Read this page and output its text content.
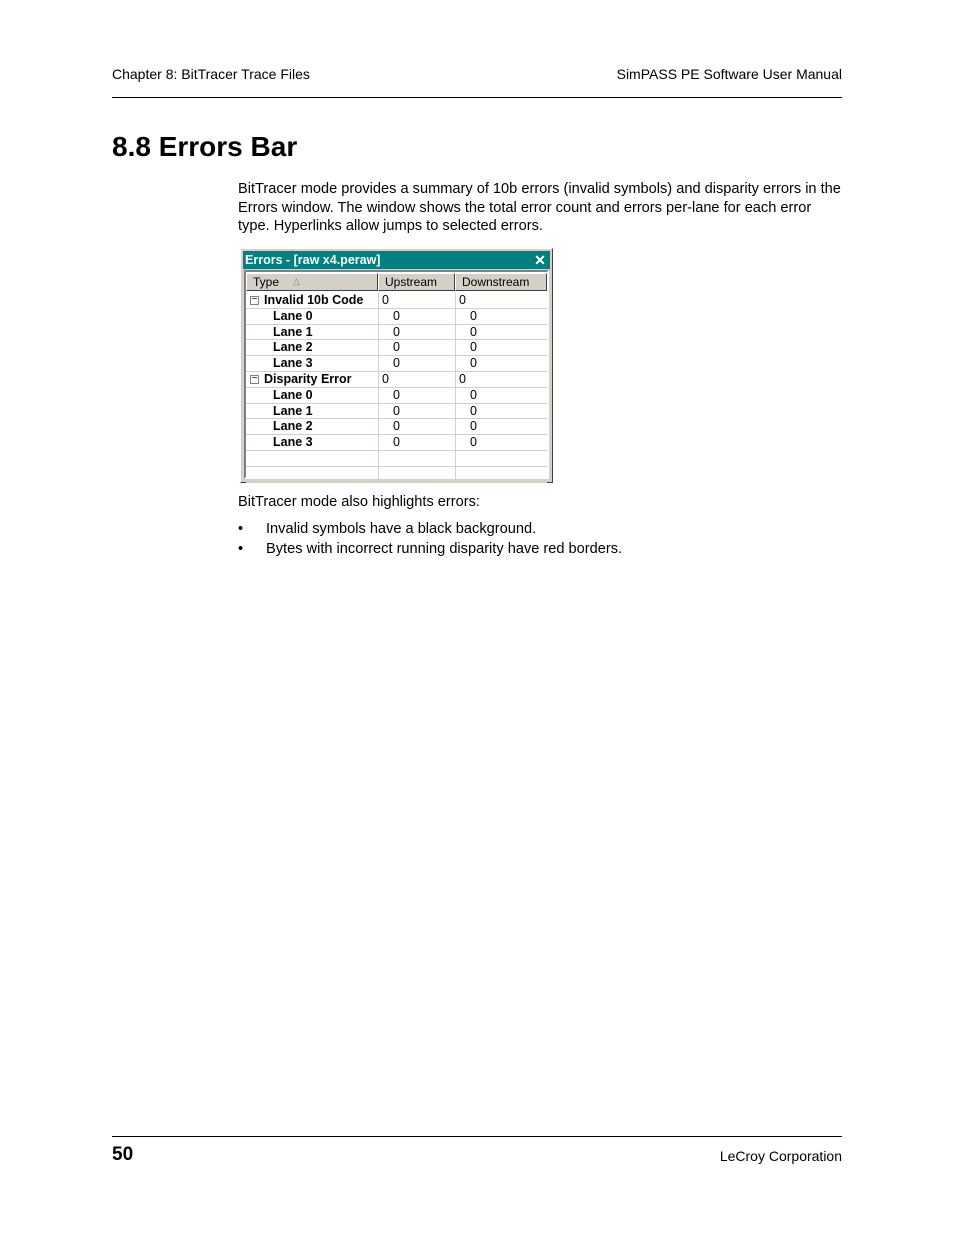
Chapter 8: BitTracer Trace Files	SimPASS PE Software User Manual
8.8 Errors Bar

BitTracer mode provides a summary of 10b errors (invalid symbols) and disparity errors in the Errors window. The window shows the total error count and errors per-lane for each error type. Hyperlinks allow jumps to selected errors.

Errors - [raw x4.peraw]	✕
Type △	Upstream	Downstream
− Invalid 10b Code 0	0
Lane 0	0	0
Lane 1	0	0
Lane 2	0	0
Lane 3	0	0
− Disparity Error 0	0
Lane 0	0	0
Lane 1	0	0
Lane 2	0	0
Lane 3	0	0

BitTracer mode also highlights errors:

• Invalid symbols have a black background.
• Bytes with incorrect running disparity have red borders.
50	LeCroy Corporation
